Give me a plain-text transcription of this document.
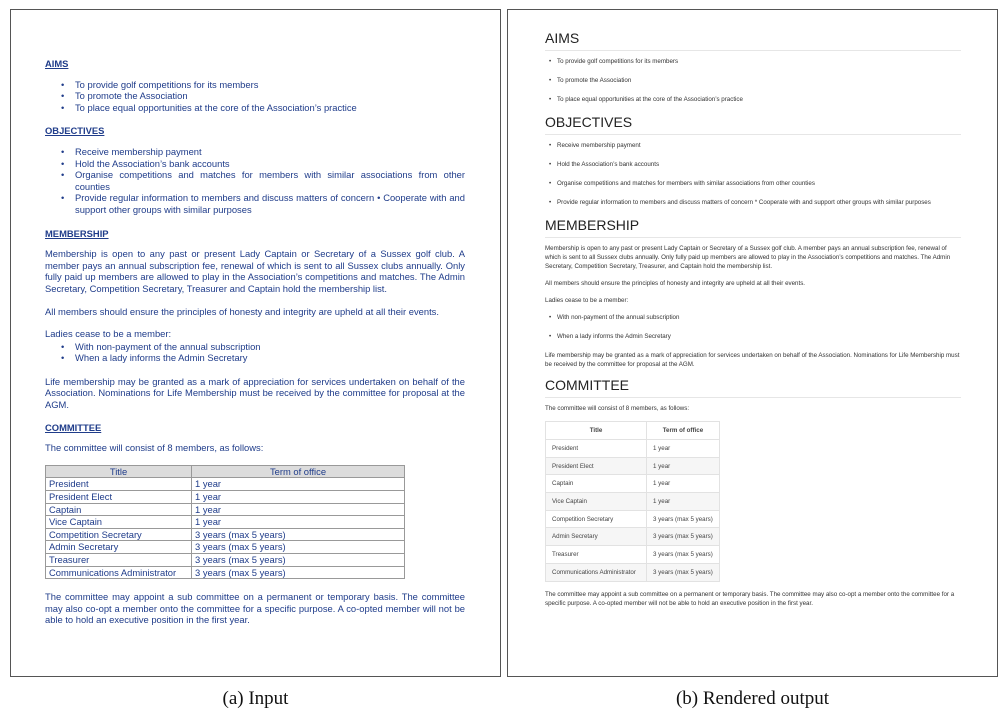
AIMS
• To provide golf competitions for its members
• To promote the Association
• To place equal opportunities at the core of the Association’s practice
OBJECTIVES
• Receive membership payment
• Hold the Association’s bank accounts
• Organise competitions and matches for members with similar associations from other counties
• Provide regular information to members and discuss matters of concern • Cooperate with and support other groups with similar purposes
MEMBERSHIP

Membership is open to any past or present Lady Captain or Secretary of a Sussex golf club. A member pays an annual subscription fee, renewal of which is sent to all Sussex clubs annually. Only fully paid up members are allowed to play in the Association’s competitions and matches. The Admin Secretary, Competition Secretary, Treasurer and Captain hold the membership list.

All members should ensure the principles of honesty and integrity are upheld at all their events.

Ladies cease to be a member:

• With non-payment of the annual subscription
• When a lady informs the Admin Secretary

Life membership may be granted as a mark of appreciation for services undertaken on behalf of the Association. Nominations for Life Membership must be received by the committee for proposal at the AGM.

COMMITTEE

The committee will consist of 8 members, as follows:

Title	Term of office
President	1 year
President Elect	1 year
Captain	1 year
Vice Captain	1 year
Competition Secretary	3 years (max 5 years)
Admin Secretary	3 years (max 5 years)
Treasurer	3 years (max 5 years)
Communications Administrator	3 years (max 5 years)

The committee may appoint a sub committee on a permanent or temporary basis. The committee may also co-opt a member onto the committee for a specific purpose. A co-opted member will not be able to hold an executive position in the first year.

AIMS
• To provide golf competitions for its members
• To promote the Association
• To place equal opportunities at the core of the Association’s practice
OBJECTIVES
• Receive membership payment
• Hold the Association’s bank accounts
• Organise competitions and matches for members with similar associations from other counties
• Provide regular information to members and discuss matters of concern * Cooperate with and support other groups with similar purposes
MEMBERSHIP

Membership is open to any past or present Lady Captain or Secretary of a Sussex golf club. A member pays an annual subscription fee, renewal of which is sent to all Sussex clubs annually. Only fully paid up members are allowed to play in the Association’s competitions and matches. The Admin Secretary, Competition Secretary, Treasurer, and Captain hold the membership list.

All members should ensure the principles of honesty and integrity are upheld at all their events.

Ladies cease to be a member:

• With non-payment of the annual subscription
• When a lady informs the Admin Secretary

Life membership may be granted as a mark of appreciation for services undertaken on behalf of the Association. Nominations for Life Membership must be received by the committee for proposal at the AGM.

COMMITTEE

The committee will consist of 8 members, as follows:

Title	Term of office
President	1 year
President Elect	1 year
Captain	1 year
Vice Captain	1 year
Competition Secretary	3 years (max 5 years)
Admin Secretary	3 years (max 5 years)
Treasurer	3 years (max 5 years)
Communications Administrator	3 years (max 5 years)

The committee may appoint a sub committee on a permanent or temporary basis. The committee may also co-opt a member onto the committee for a specific purpose. A co-opted member will not be able to hold an executive position in the first year.

(a) Input	(b) Rendered output
